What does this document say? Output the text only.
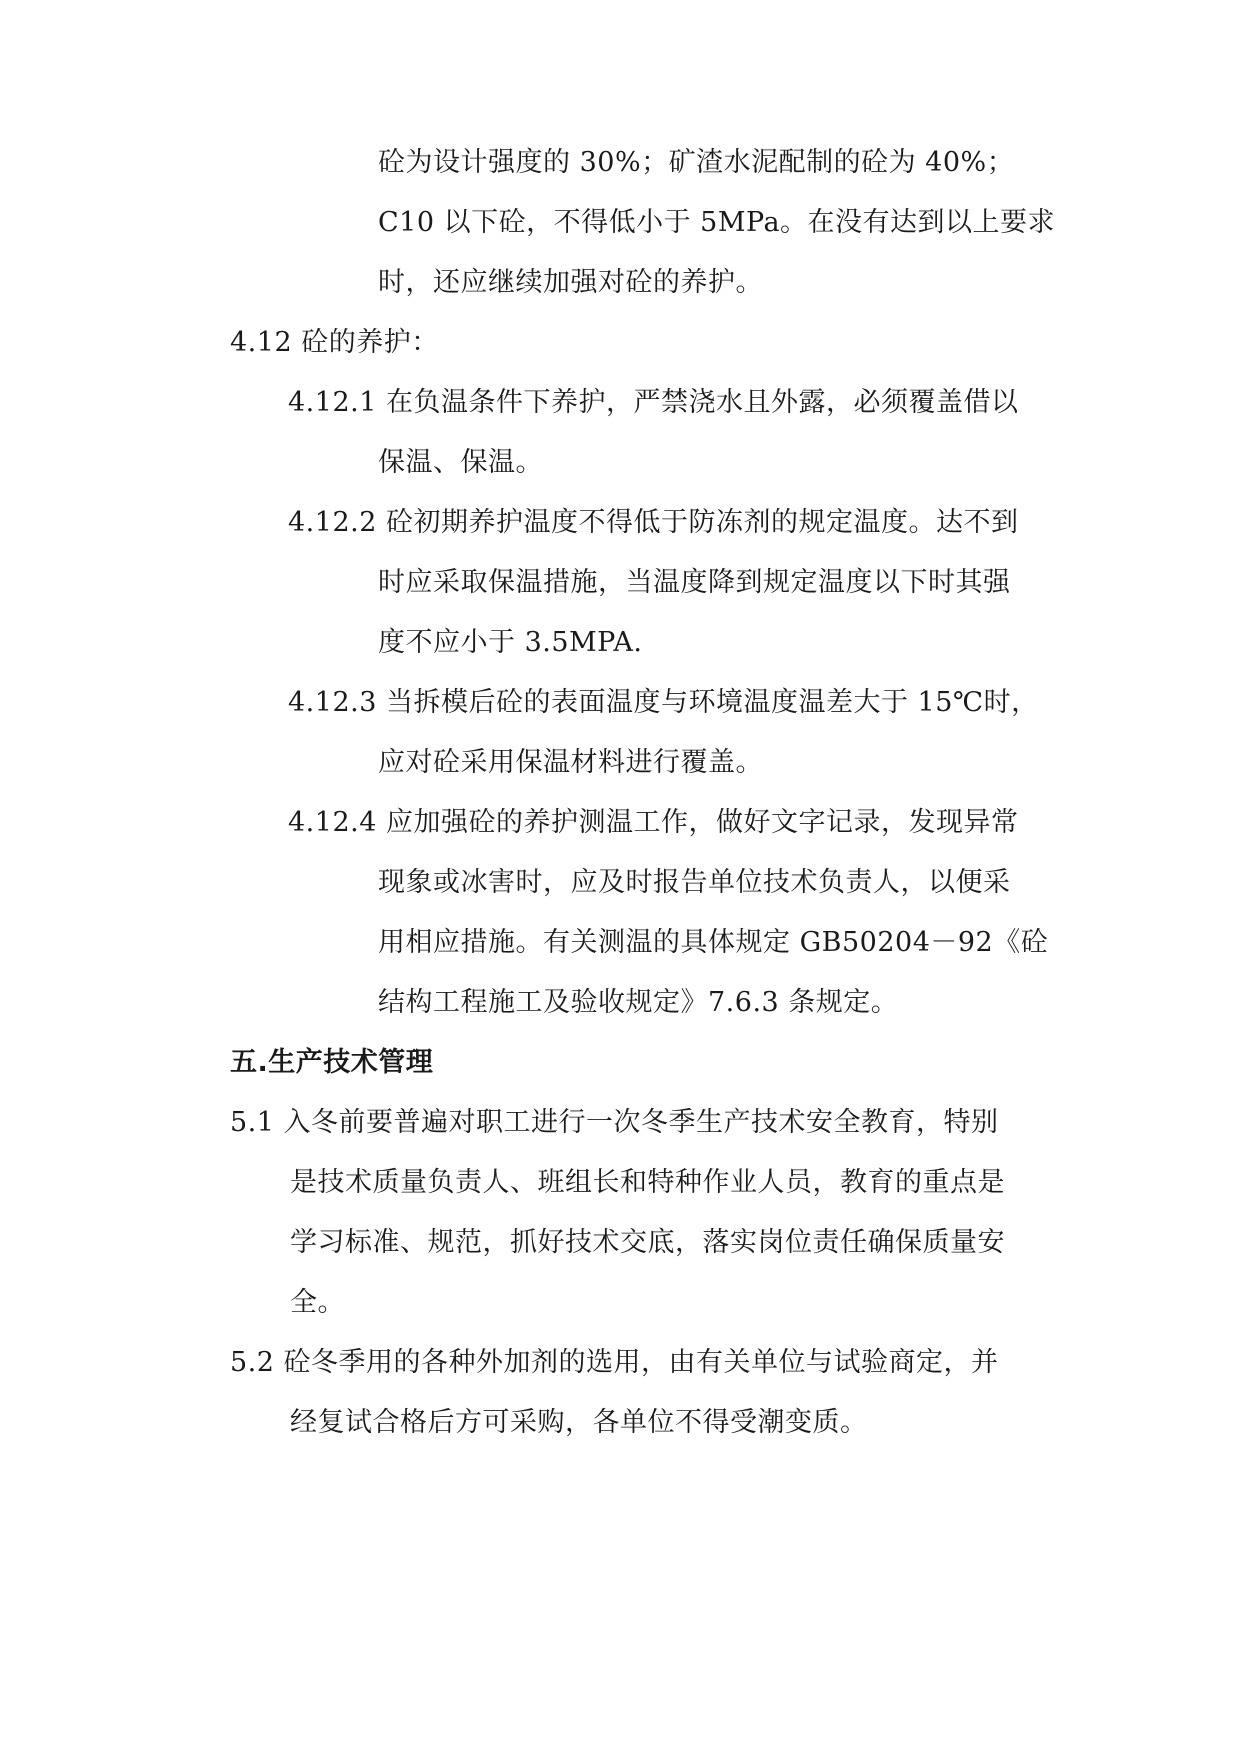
砼为设计强度的 30%；矿渣水泥配制的砼为 40%；
C10 以下砼，不得低小于 5MPa。在没有达到以上要求
时，还应继续加强对砼的养护。
4.12 砼的养护：
4.12.1 在负温条件下养护，严禁浇水且外露，必须覆盖借以
保温、保温。
4.12.2 砼初期养护温度不得低于防冻剂的规定温度。达不到
时应采取保温措施，当温度降到规定温度以下时其强
度不应小于 3.5MPA.
4.12.3 当拆模后砼的表面温度与环境温度温差大于 15℃时，
应对砼采用保温材料进行覆盖。
4.12.4 应加强砼的养护测温工作，做好文字记录，发现异常
现象或冰害时，应及时报告单位技术负责人，以便采
用相应措施。有关测温的具体规定 GB50204－92《砼
结构工程施工及验收规定》7.6.3 条规定。
五.生产技术管理
5.1 入冬前要普遍对职工进行一次冬季生产技术安全教育，特别
是技术质量负责人、班组长和特种作业人员，教育的重点是
学习标准、规范，抓好技术交底，落实岗位责任确保质量安
全。
5.2 砼冬季用的各种外加剂的选用，由有关单位与试验商定，并
经复试合格后方可采购，各单位不得受潮变质。
